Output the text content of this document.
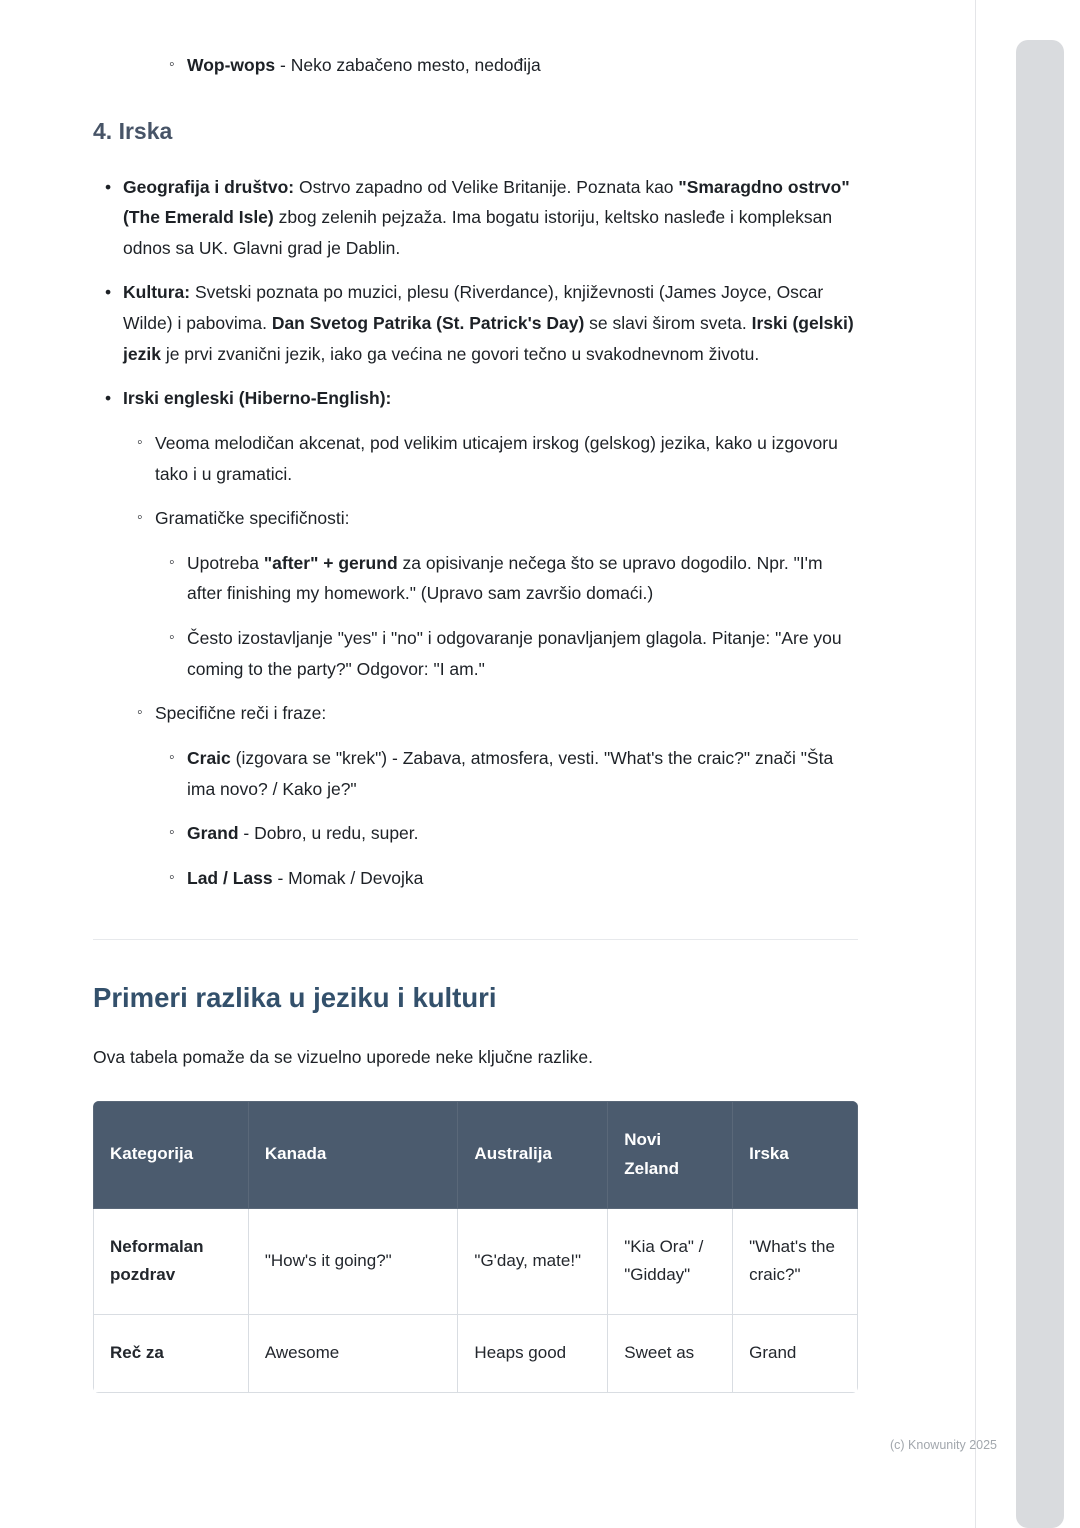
◦ Wop-wops - Neko zabačeno mesto, nedođija
4. Irska
• Geografija i društvo: Ostrvo zapadno od Velike Britanije. Poznata kao "Smaragdno ostrvo" (The Emerald Isle) zbog zelenih pejzaža. Ima bogatu istoriju, keltsko nasleđe i kompleksan odnos sa UK. Glavni grad je Dablin.
• Kultura: Svetski poznata po muzici, plesu (Riverdance), književnosti (James Joyce, Oscar Wilde) i pabovima. Dan Svetog Patrika (St. Patrick's Day) se slavi širom sveta. Irski (gelski) jezik je prvi zvanični jezik, iako ga većina ne govori tečno u svakodnevnom životu.
• Irski engleski (Hiberno-English):
◦ Veoma melodičan akcenat, pod velikim uticajem irskog (gelskog) jezika, kako u izgovoru tako i u gramatici.
◦ Gramatičke specifičnosti:
◦ Upotreba "after" + gerund za opisivanje nečega što se upravo dogodilo. Npr. "I'm after finishing my homework." (Upravo sam završio domaći.)
◦ Često izostavljanje "yes" i "no" i odgovaranje ponavljanjem glagola. Pitanje: "Are you coming to the party?" Odgovor: "I am."
◦ Specifične reči i fraze:
◦ Craic (izgovara se "krek") - Zabava, atmosfera, vesti. "What's the craic?" znači "Šta ima novo? / Kako je?"
◦ Grand - Dobro, u redu, super.
◦ Lad / Lass - Momak / Devojka
Primeri razlika u jeziku i kulturi

Ova tabela pomaže da se vizuelno uporede neke ključne razlike.

Kategorija	Kanada	Australija	Novi Zeland	Irska
Neformalan pozdrav	"How's it going?"	"G'day, mate!"	"Kia Ora" / "Gidday"	"What's the craic?"
Reč za	Awesome	Heaps good	Sweet as	Grand
(c) Knowunity 2025
